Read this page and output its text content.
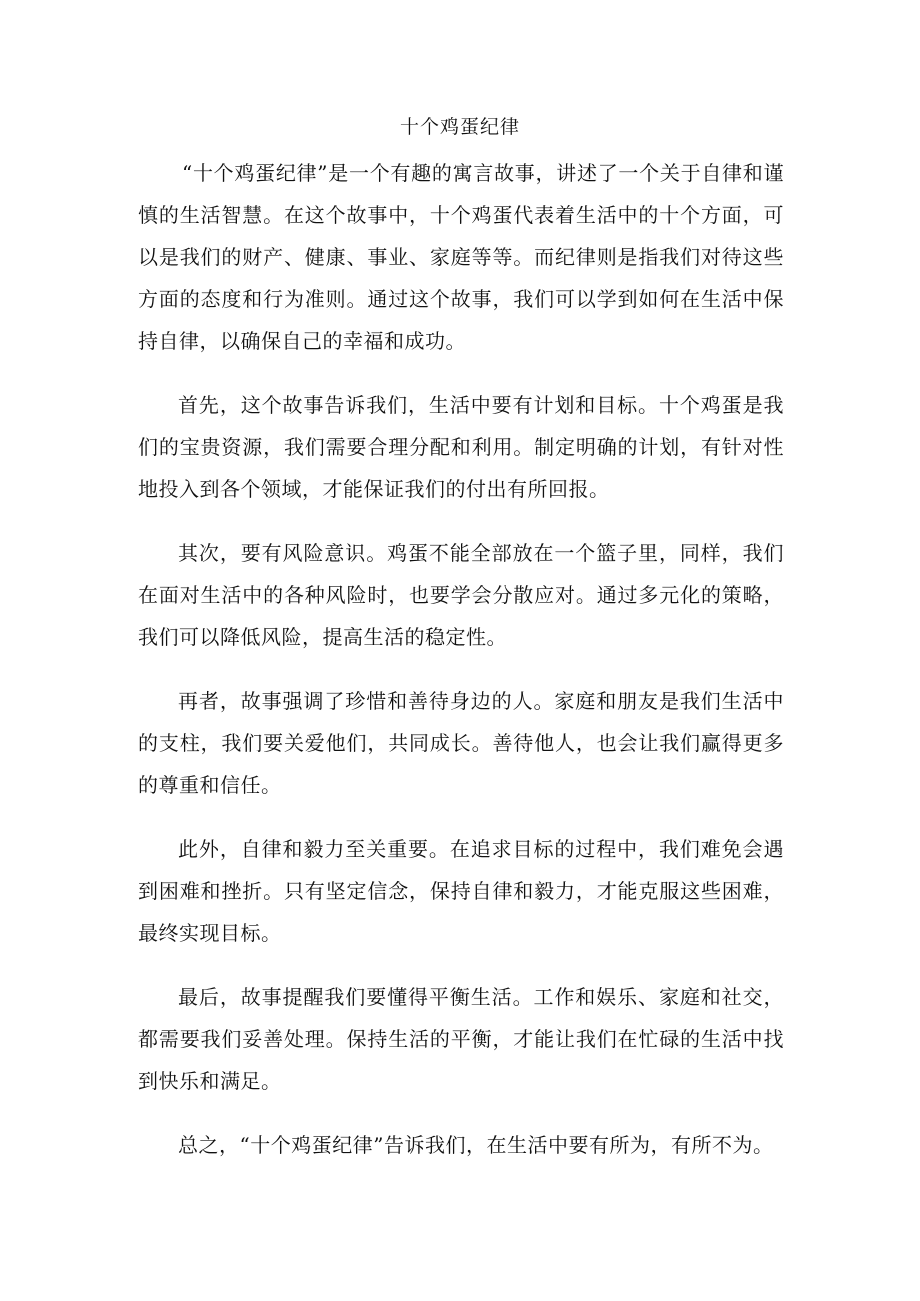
十个鸡蛋纪律

“十个鸡蛋纪律”是一个有趣的寓言故事，讲述了一个关于自律和谨慎的生活智慧。在这个故事中，十个鸡蛋代表着生活中的十个方面，可以是我们的财产、健康、事业、家庭等等。而纪律则是指我们对待这些方面的态度和行为准则。通过这个故事，我们可以学到如何在生活中保持自律，以确保自己的幸福和成功。

首先，这个故事告诉我们，生活中要有计划和目标。十个鸡蛋是我们的宝贵资源，我们需要合理分配和利用。制定明确的计划，有针对性地投入到各个领域，才能保证我们的付出有所回报。

其次，要有风险意识。鸡蛋不能全部放在一个篮子里，同样，我们在面对生活中的各种风险时，也要学会分散应对。通过多元化的策略，我们可以降低风险，提高生活的稳定性。

再者，故事强调了珍惜和善待身边的人。家庭和朋友是我们生活中的支柱，我们要关爱他们，共同成长。善待他人，也会让我们赢得更多的尊重和信任。

此外，自律和毅力至关重要。在追求目标的过程中，我们难免会遇到困难和挫折。只有坚定信念，保持自律和毅力，才能克服这些困难，最终实现目标。

最后，故事提醒我们要懂得平衡生活。工作和娱乐、家庭和社交，都需要我们妥善处理。保持生活的平衡，才能让我们在忙碌的生活中找到快乐和满足。

总之，“十个鸡蛋纪律”告诉我们，在生活中要有所为，有所不为。
